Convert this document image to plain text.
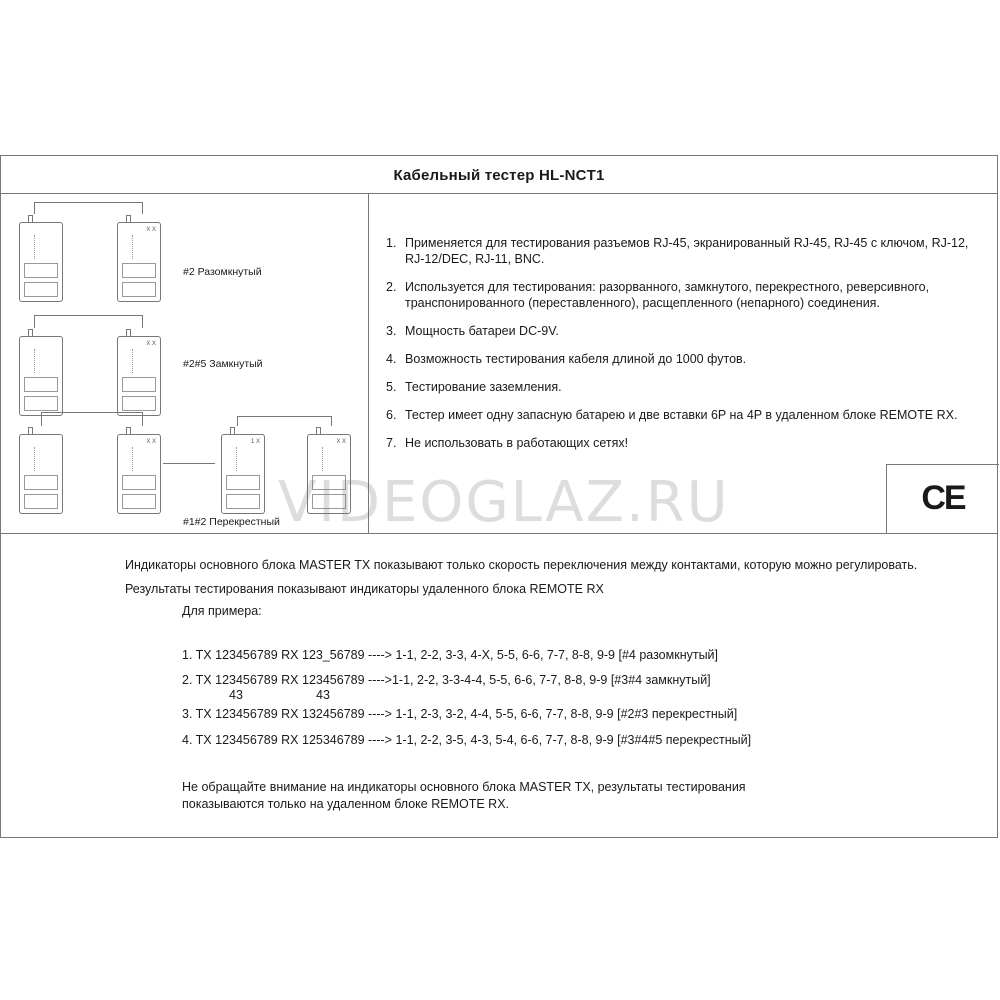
Кабельный тестер HL-NCT1
X X
#2 Разомкнутый
X X
#2#5 Замкнутый
X X	1 X	X X
#1#2 Перекрестный
1. Применяется для тестирования разъемов RJ-45, экранированный RJ-45, RJ-45 с ключом, RJ-12, RJ-12/DEC, RJ-11, BNC.
2. Используется для тестирования: разорванного, замкнутого, перекрестного, реверсивного, транспонированного (переставленного), расщепленного (непарного) соединения.
3. Мощность батареи DC-9V.
4. Возможность тестирования кабеля длиной до 1000 футов.
5. Тестирование заземления.
6. Тестер имеет одну запасную батарею и две вставки 6P на 4P в удаленном блоке REMOTE RX.
7. Не использовать в работающих сетях!
CE
VIDEOGLAZ.RU
Индикаторы основного блока MASTER TX показывают только скорость переключения между контактами, которую можно регулировать.
Результаты тестирования показывают индикаторы удаленного блока REMOTE RX
Для примера:
1. TX 123456789 RX 123_56789 ----> 1-1, 2-2, 3-3, 4-X, 5-5, 6-6, 7-7, 8-8, 9-9 [#4 разомкнутый]
2. TX 123456789 RX 123456789 ---->1-1, 2-2, 3-3-4-4, 5-5, 6-6, 7-7, 8-8, 9-9 [#3#4 замкнутый]
43	43
3. TX 123456789 RX 132456789 ----> 1-1, 2-3, 3-2, 4-4, 5-5, 6-6, 7-7, 8-8, 9-9 [#2#3 перекрестный]
4. TX 123456789 RX 125346789 ----> 1-1, 2-2, 3-5, 4-3, 5-4, 6-6, 7-7, 8-8, 9-9 [#3#4#5 перекрестный]
Не обращайте внимание на индикаторы основного блока MASTER TX, результаты тестирования
показываются только на удаленном блоке REMOTE RX.
